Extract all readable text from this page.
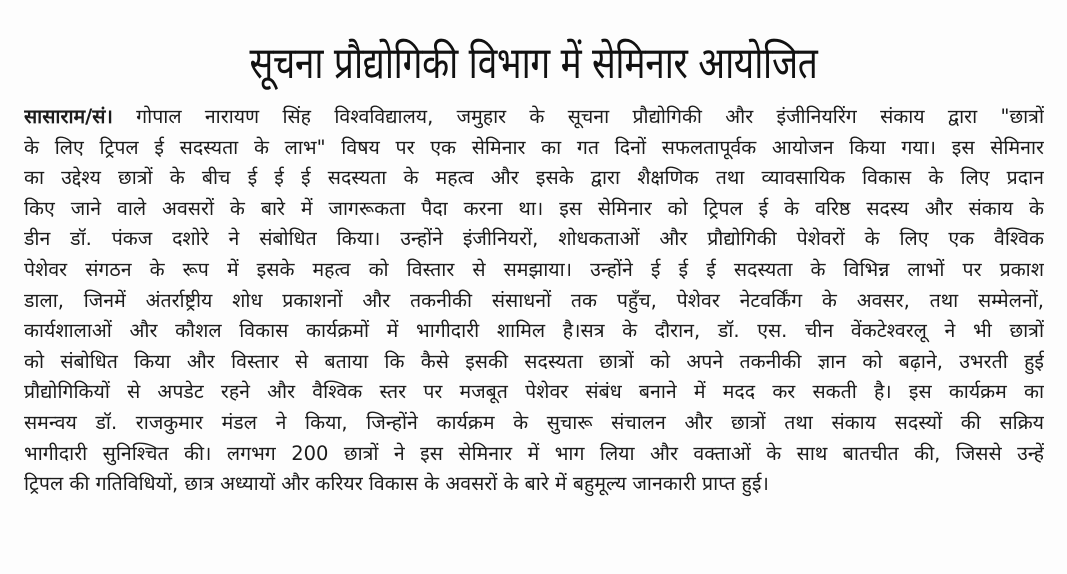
सूचना प्रौद्योगिकी विभाग में सेमिनार आयोजित
सासाराम/सं। गोपाल नारायण सिंह विश्वविद्यालय, जमुहार के सूचना प्रौद्योगिकी और इंजीनियरिंग संकाय द्वारा "छात्रों
के लिए ट्रिपल ई सदस्यता के लाभ" विषय पर एक सेमिनार का गत दिनों सफलतापूर्वक आयोजन किया गया। इस सेमिनार
का उद्देश्य छात्रों के बीच ई ई ई सदस्यता के महत्व और इसके द्वारा शैक्षणिक तथा व्यावसायिक विकास के लिए प्रदान
किए जाने वाले अवसरों के बारे में जागरूकता पैदा करना था। इस सेमिनार को ट्रिपल ई के वरिष्ठ सदस्य और संकाय के
डीन डॉ. पंकज दशोरे ने संबोधित किया। उन्होंने इंजीनियरों, शोधकताओं और प्रौद्योगिकी पेशेवरों के लिए एक वैश्विक
पेशेवर संगठन के रूप में इसके महत्व को विस्तार से समझाया। उन्होंने ई ई ई सदस्यता के विभिन्न लाभों पर प्रकाश
डाला, जिनमें अंतर्राष्ट्रीय शोध प्रकाशनों और तकनीकी संसाधनों तक पहुँच, पेशेवर नेटवर्किंग के अवसर, तथा सम्मेलनों,
कार्यशालाओं और कौशल विकास कार्यक्रमों में भागीदारी शामिल है।सत्र के दौरान, डॉ. एस. चीन वेंकटेश्वरलू ने भी छात्रों
को संबोधित किया और विस्तार से बताया कि कैसे इसकी सदस्यता छात्रों को अपने तकनीकी ज्ञान को बढ़ाने, उभरती हुई
प्रौद्योगिकियों से अपडेट रहने और वैश्विक स्तर पर मजबूत पेशेवर संबंध बनाने में मदद कर सकती है। इस कार्यक्रम का
समन्वय डॉ. राजकुमार मंडल ने किया, जिन्होंने कार्यक्रम के सुचारू संचालन और छात्रों तथा संकाय सदस्यों की सक्रिय
भागीदारी सुनिश्चित की। लगभग 200 छात्रों ने इस सेमिनार में भाग लिया और वक्ताओं के साथ बातचीत की, जिससे उन्हें
ट्रिपल की गतिविधियों, छात्र अध्यायों और करियर विकास के अवसरों के बारे में बहुमूल्य जानकारी प्राप्त हुई।
